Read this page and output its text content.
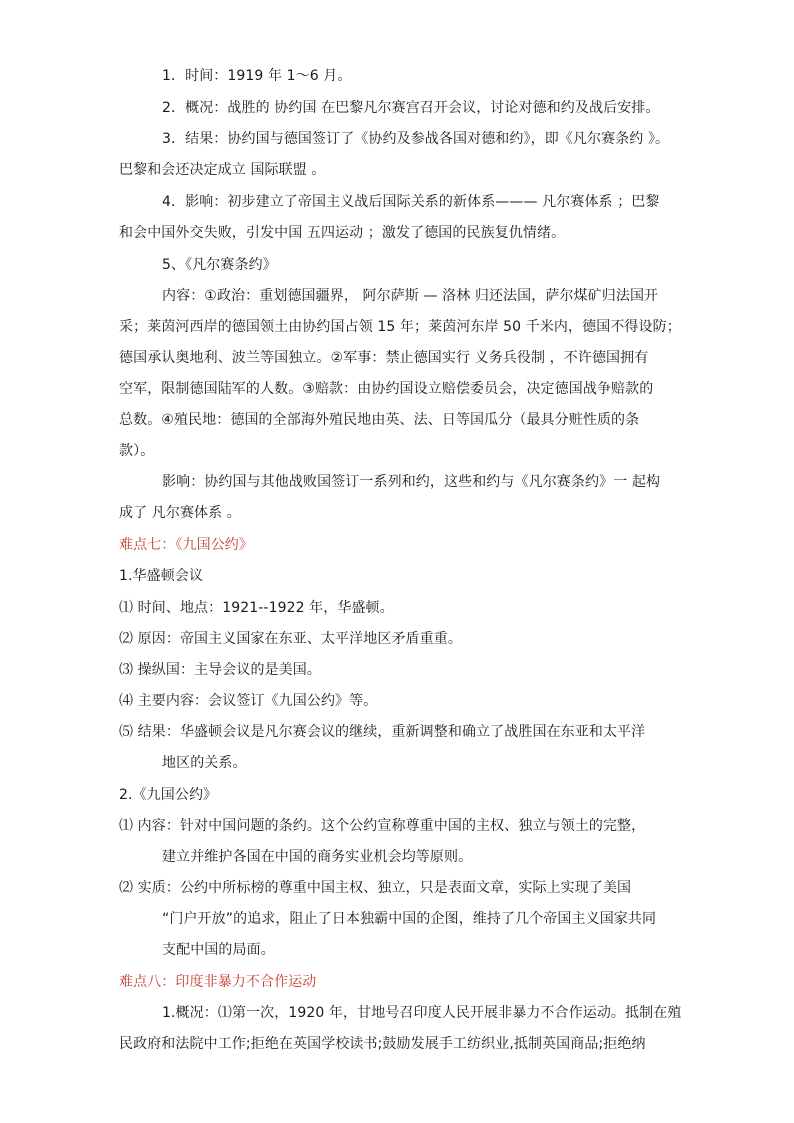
1．时间：1919 年 1～6 月。
2．概况：战胜的 协约国 在巴黎凡尔赛宫召开会议，讨论对德和约及战后安排。
3．结果：协约国与德国签订了《协约及参战各国对德和约》，即《凡尔赛条约 》。
巴黎和会还决定成立 国际联盟 。
4．影响：初步建立了帝国主义战后国际关系的新体系——— 凡尔赛体系 ；巴黎
和会中国外交失败，引发中国 五四运动 ；激发了德国的民族复仇情绪。
5、《凡尔赛条约》
内容：①政治：重划德国疆界， 阿尔萨斯 — 洛林 归还法国，萨尔煤矿归法国开
采；莱茵河西岸的德国领土由协约国占领 15 年；莱茵河东岸 50 千米内，德国不得设防；
德国承认奥地利、波兰等国独立。②军事：禁止德国实行 义务兵役制 ，不许德国拥有
空军，限制德国陆军的人数。③赔款：由协约国设立赔偿委员会，决定德国战争赔款的
总数。④殖民地：德国的全部海外殖民地由英、法、日等国瓜分（最具分赃性质的条
款）。
影响：协约国与其他战败国签订一系列和约，这些和约与《凡尔赛条约》一 起构
成了 凡尔赛体系 。
难点七：《九国公约》
1.华盛顿会议
⑴ 时间、地点：1921--1922 年，华盛顿。
⑵ 原因：帝国主义国家在东亚、太平洋地区矛盾重重。
⑶ 操纵国：主导会议的是美国。
⑷ 主要内容：会议签订《九国公约》等。
⑸ 结果：华盛顿会议是凡尔赛会议的继续，重新调整和确立了战胜国在东亚和太平洋
地区的关系。
2.《九国公约》
⑴ 内容：针对中国问题的条约。这个公约宣称尊重中国的主权、独立与领土的完整，
建立并维护各国在中国的商务实业机会均等原则。
⑵ 实质：公约中所标榜的尊重中国主权、独立，只是表面文章，实际上实现了美国
“门户开放”的追求，阻止了日本独霸中国的企图，维持了几个帝国主义国家共同
支配中国的局面。
难点八：印度非暴力不合作运动
1.概况：⑴第一次，1920 年，甘地号召印度人民开展非暴力不合作运动。抵制在殖
民政府和法院中工作;拒绝在英国学校读书;鼓励发展手工纺织业,抵制英国商品;拒绝纳
